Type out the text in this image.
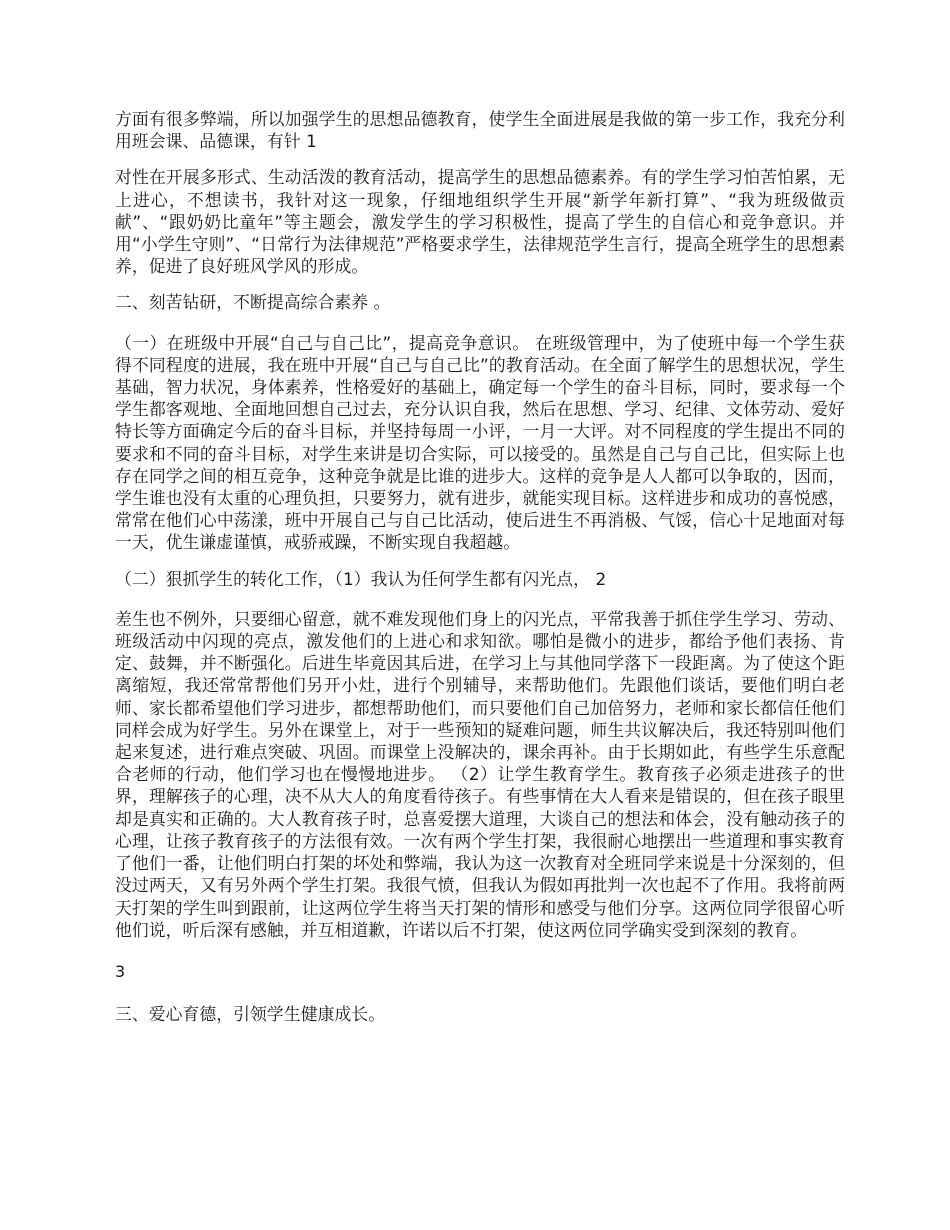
方面有很多弊端，所以加强学生的思想品德教育，使学生全面进展是我做的第一步工作，我充分利用班会课、品德课，有针 1

对性在开展多形式、生动活泼的教育活动，提高学生的思想品德素养。有的学生学习怕苦怕累，无上进心，不想读书，我针对这一现象，仔细地组织学生开展“新学年新打算”、“我为班级做贡献”、“跟奶奶比童年”等主题会，激发学生的学习积极性，提高了学生的自信心和竞争意识。并用“小学生守则”、“日常行为法律规范”严格要求学生，法律规范学生言行，提高全班学生的思想素养，促进了良好班风学风的形成。

二、刻苦钻研，不断提高综合素养 。

（一）在班级中开展“自己与自己比”，提高竞争意识。 在班级管理中，为了使班中每一个学生获得不同程度的进展，我在班中开展“自己与自己比”的教育活动。在全面了解学生的思想状况，学生基础，智力状况，身体素养，性格爱好的基础上，确定每一个学生的奋斗目标，同时，要求每一个学生都客观地、全面地回想自己过去，充分认识自我，然后在思想、学习、纪律、文体劳动、爱好特长等方面确定今后的奋斗目标，并坚持每周一小评，一月一大评。对不同程度的学生提出不同的要求和不同的奋斗目标，对学生来讲是切合实际，可以接受的。虽然是自己与自己比，但实际上也存在同学之间的相互竞争，这种竞争就是比谁的进步大。这样的竞争是人人都可以争取的，因而，学生谁也没有太重的心理负担，只要努力，就有进步，就能实现目标。这样进步和成功的喜悦感，常常在他们心中荡漾，班中开展自己与自己比活动，使后进生不再消极、气馁，信心十足地面对每一天，优生谦虚谨慎，戒骄戒躁，不断实现自我超越。

（二）狠抓学生的转化工作，（1）我认为任何学生都有闪光点， 2

差生也不例外，只要细心留意，就不难发现他们身上的闪光点，平常我善于抓住学生学习、劳动、班级活动中闪现的亮点，激发他们的上进心和求知欲。哪怕是微小的进步，都给予他们表扬、肯定、鼓舞，并不断强化。后进生毕竟因其后进，在学习上与其他同学落下一段距离。为了使这个距离缩短，我还常常帮他们另开小灶，进行个别辅导，来帮助他们。先跟他们谈话，要他们明白老师、家长都希望他们学习进步，都想帮助他们，而只要他们自己加倍努力，老师和家长都信任他们同样会成为好学生。另外在课堂上，对于一些预知的疑难问题，师生共议解决后，我还特别叫他们起来复述，进行难点突破、巩固。而课堂上没解决的，课余再补。由于长期如此，有些学生乐意配合老师的行动，他们学习也在慢慢地进步。 （2）让学生教育学生。教育孩子必须走进孩子的世界，理解孩子的心理，决不从大人的角度看待孩子。有些事情在大人看来是错误的，但在孩子眼里却是真实和正确的。大人教育孩子时，总喜爱摆大道理，大谈自己的想法和体会，没有触动孩子的心理，让孩子教育孩子的方法很有效。一次有两个学生打架，我很耐心地摆出一些道理和事实教育了他们一番，让他们明白打架的坏处和弊端，我认为这一次教育对全班同学来说是十分深刻的，但没过两天，又有另外两个学生打架。我很气愤，但我认为假如再批判一次也起不了作用。我将前两天打架的学生叫到跟前，让这两位学生将当天打架的情形和感受与他们分享。这两位同学很留心听他们说，听后深有感触，并互相道歉，许诺以后不打架，使这两位同学确实受到深刻的教育。

3

三、爱心育德，引领学生健康成长。
